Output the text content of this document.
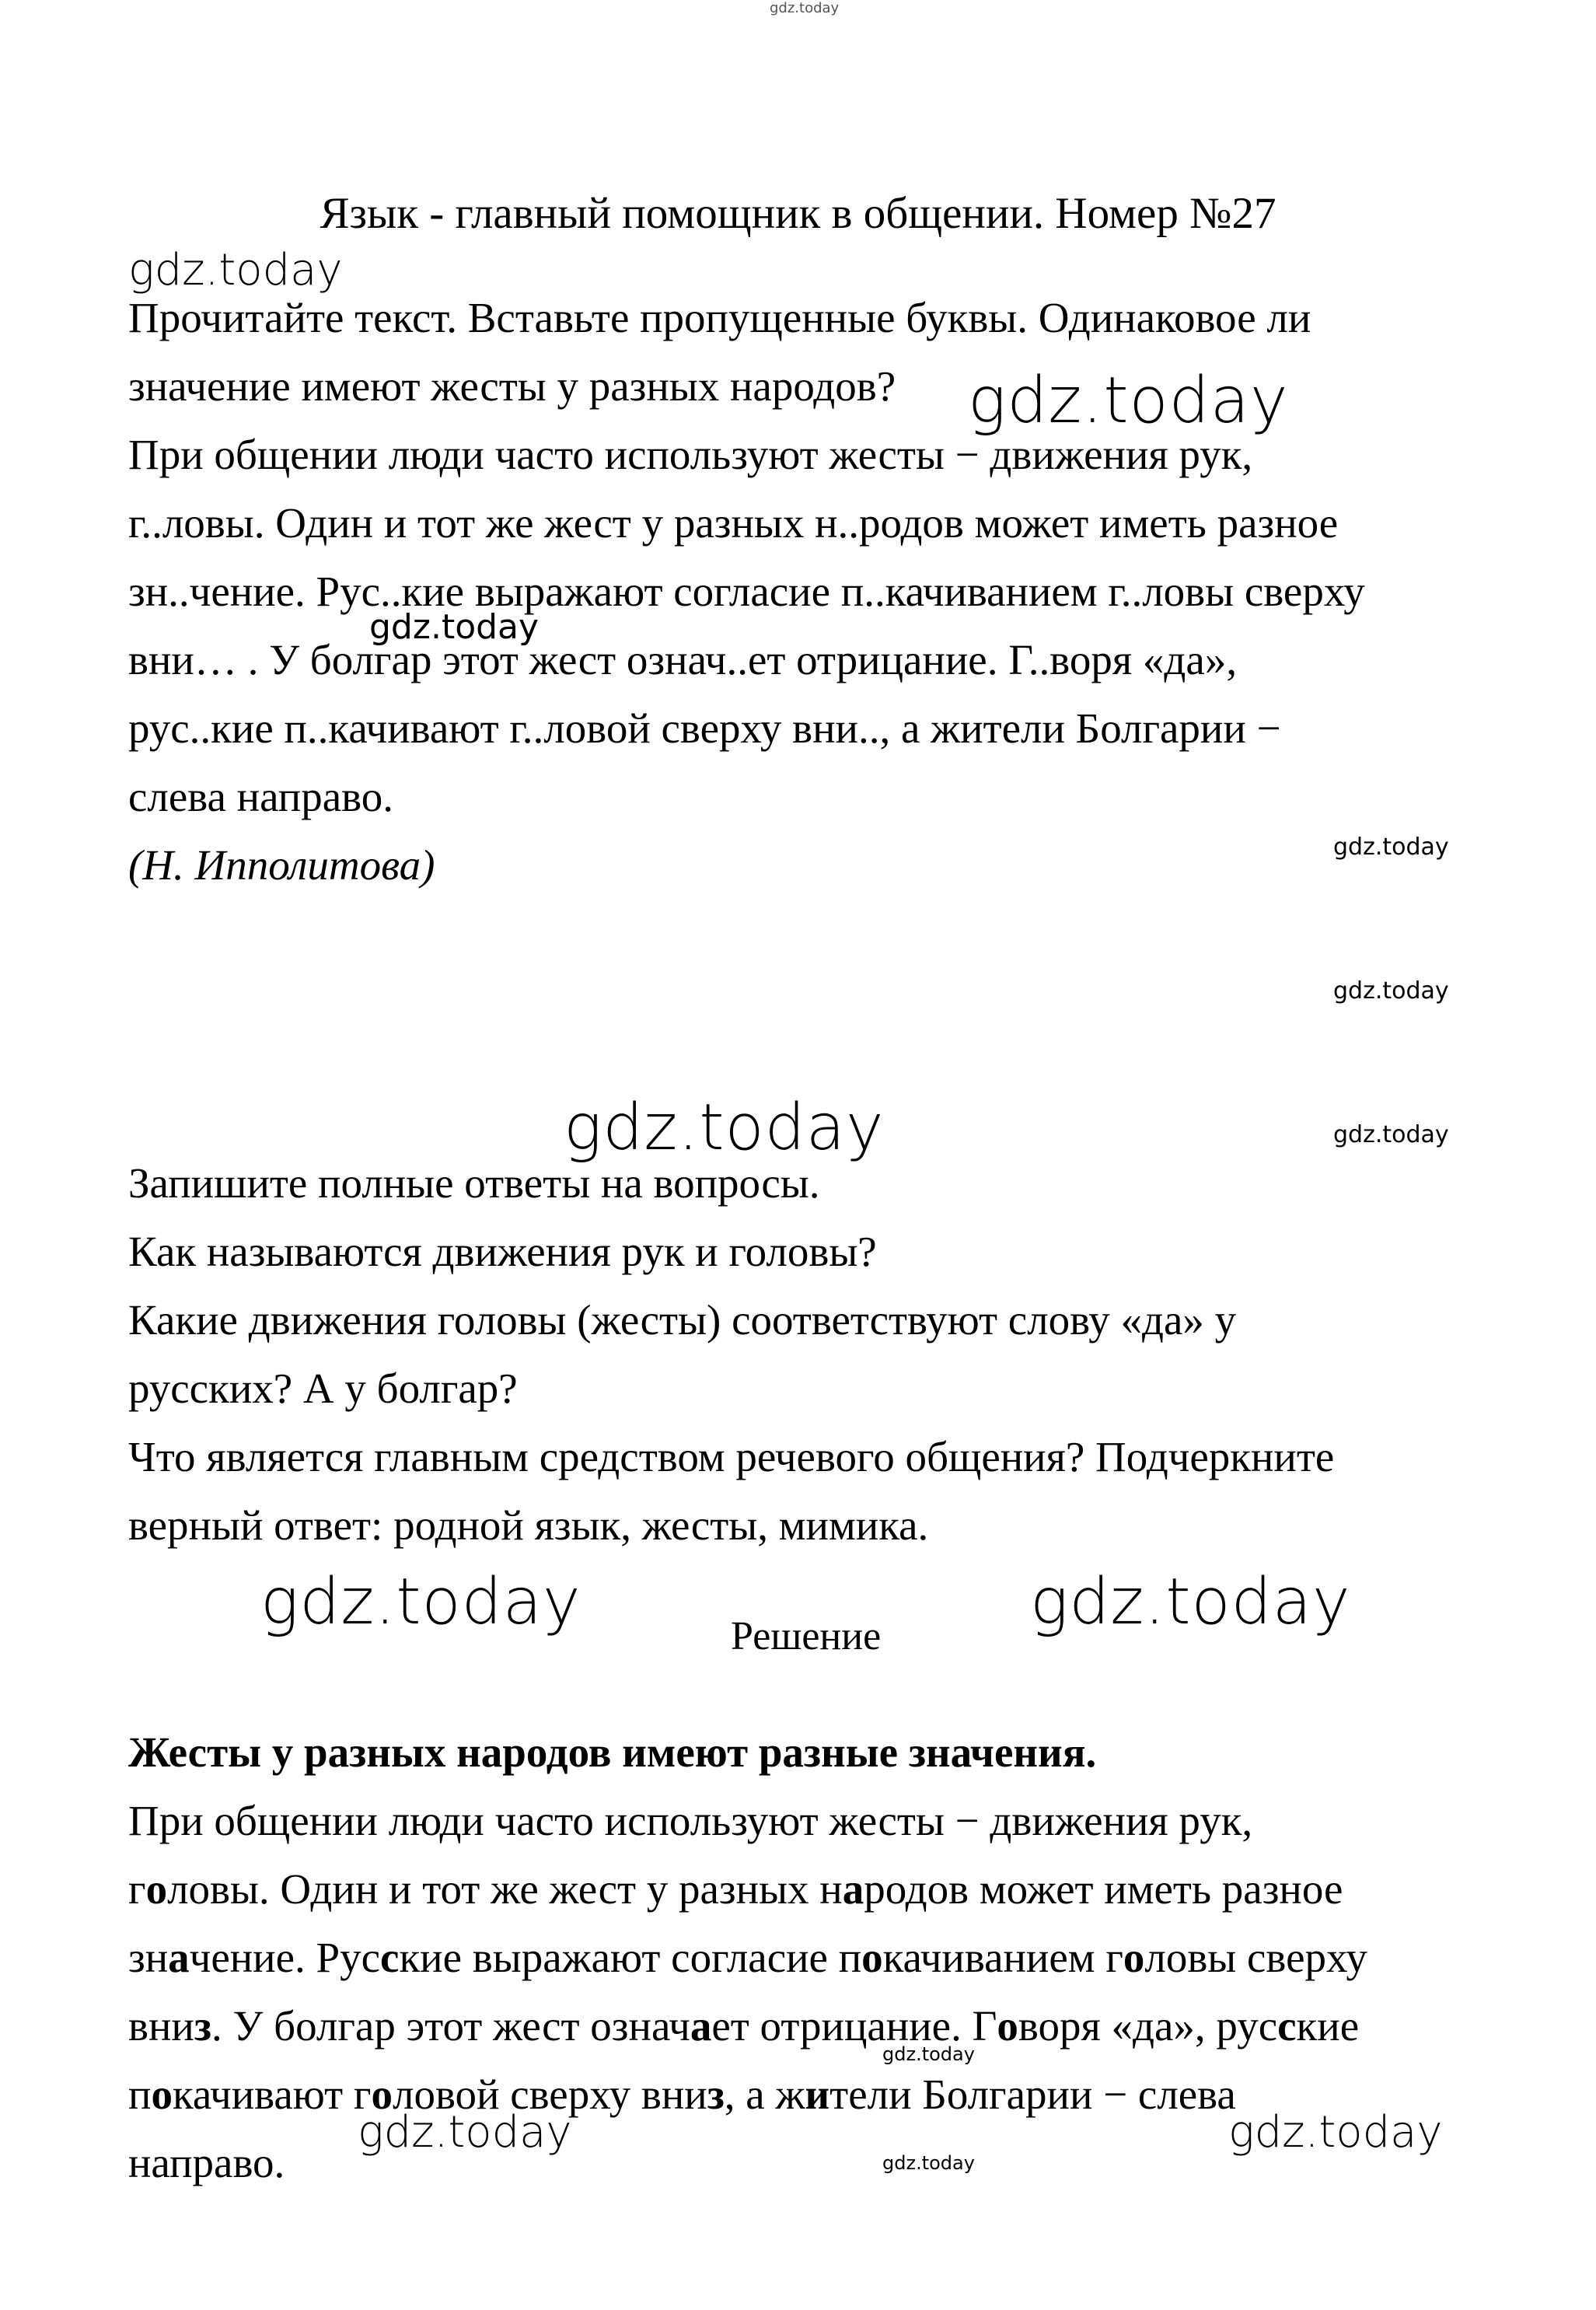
gdz.today
gdz.today
gdz.today
gdz.today
gdz.today
gdz.today
gdz.today	gdz.today
gdz.today	gdz.today
gdz.today
gdz.today	gdz.today
gdz.today
Язык - главный помощник в общении. Номер №27
Прочитайте текст. Вставьте пропущенные буквы. Одинаковое ли
значение имеют жесты у разных народов?
При общении люди часто используют жесты − движения рук,
г..ловы. Один и тот же жест у разных н..родов может иметь разное
зн..чение. Рус..кие выражают согласие п..качиванием г..ловы сверху
вни… . У болгар этот жест означ..ет отрицание. Г..воря «да»,
рус..кие п..качивают г..ловой сверху вни.., а жители Болгарии −
слева направо.
(Н. Ипполитова)
Запишите полные ответы на вопросы.
Как называются движения рук и головы?
Какие движения головы (жесты) соответствуют слову «да» у
русских? А у болгар?
Что является главным средством речевого общения? Подчеркните
верный ответ: родной язык, жесты, мимика.
Решение
Жесты у разных народов имеют разные значения.
При общении люди часто используют жесты − движения рук,
головы. Один и тот же жест у разных народов может иметь разное
значение. Русские выражают согласие покачиванием головы сверху
вниз. У болгар этот жест означает отрицание. Говоря «да», русские
покачивают головой сверху вниз, а жители Болгарии − слева
направо.
